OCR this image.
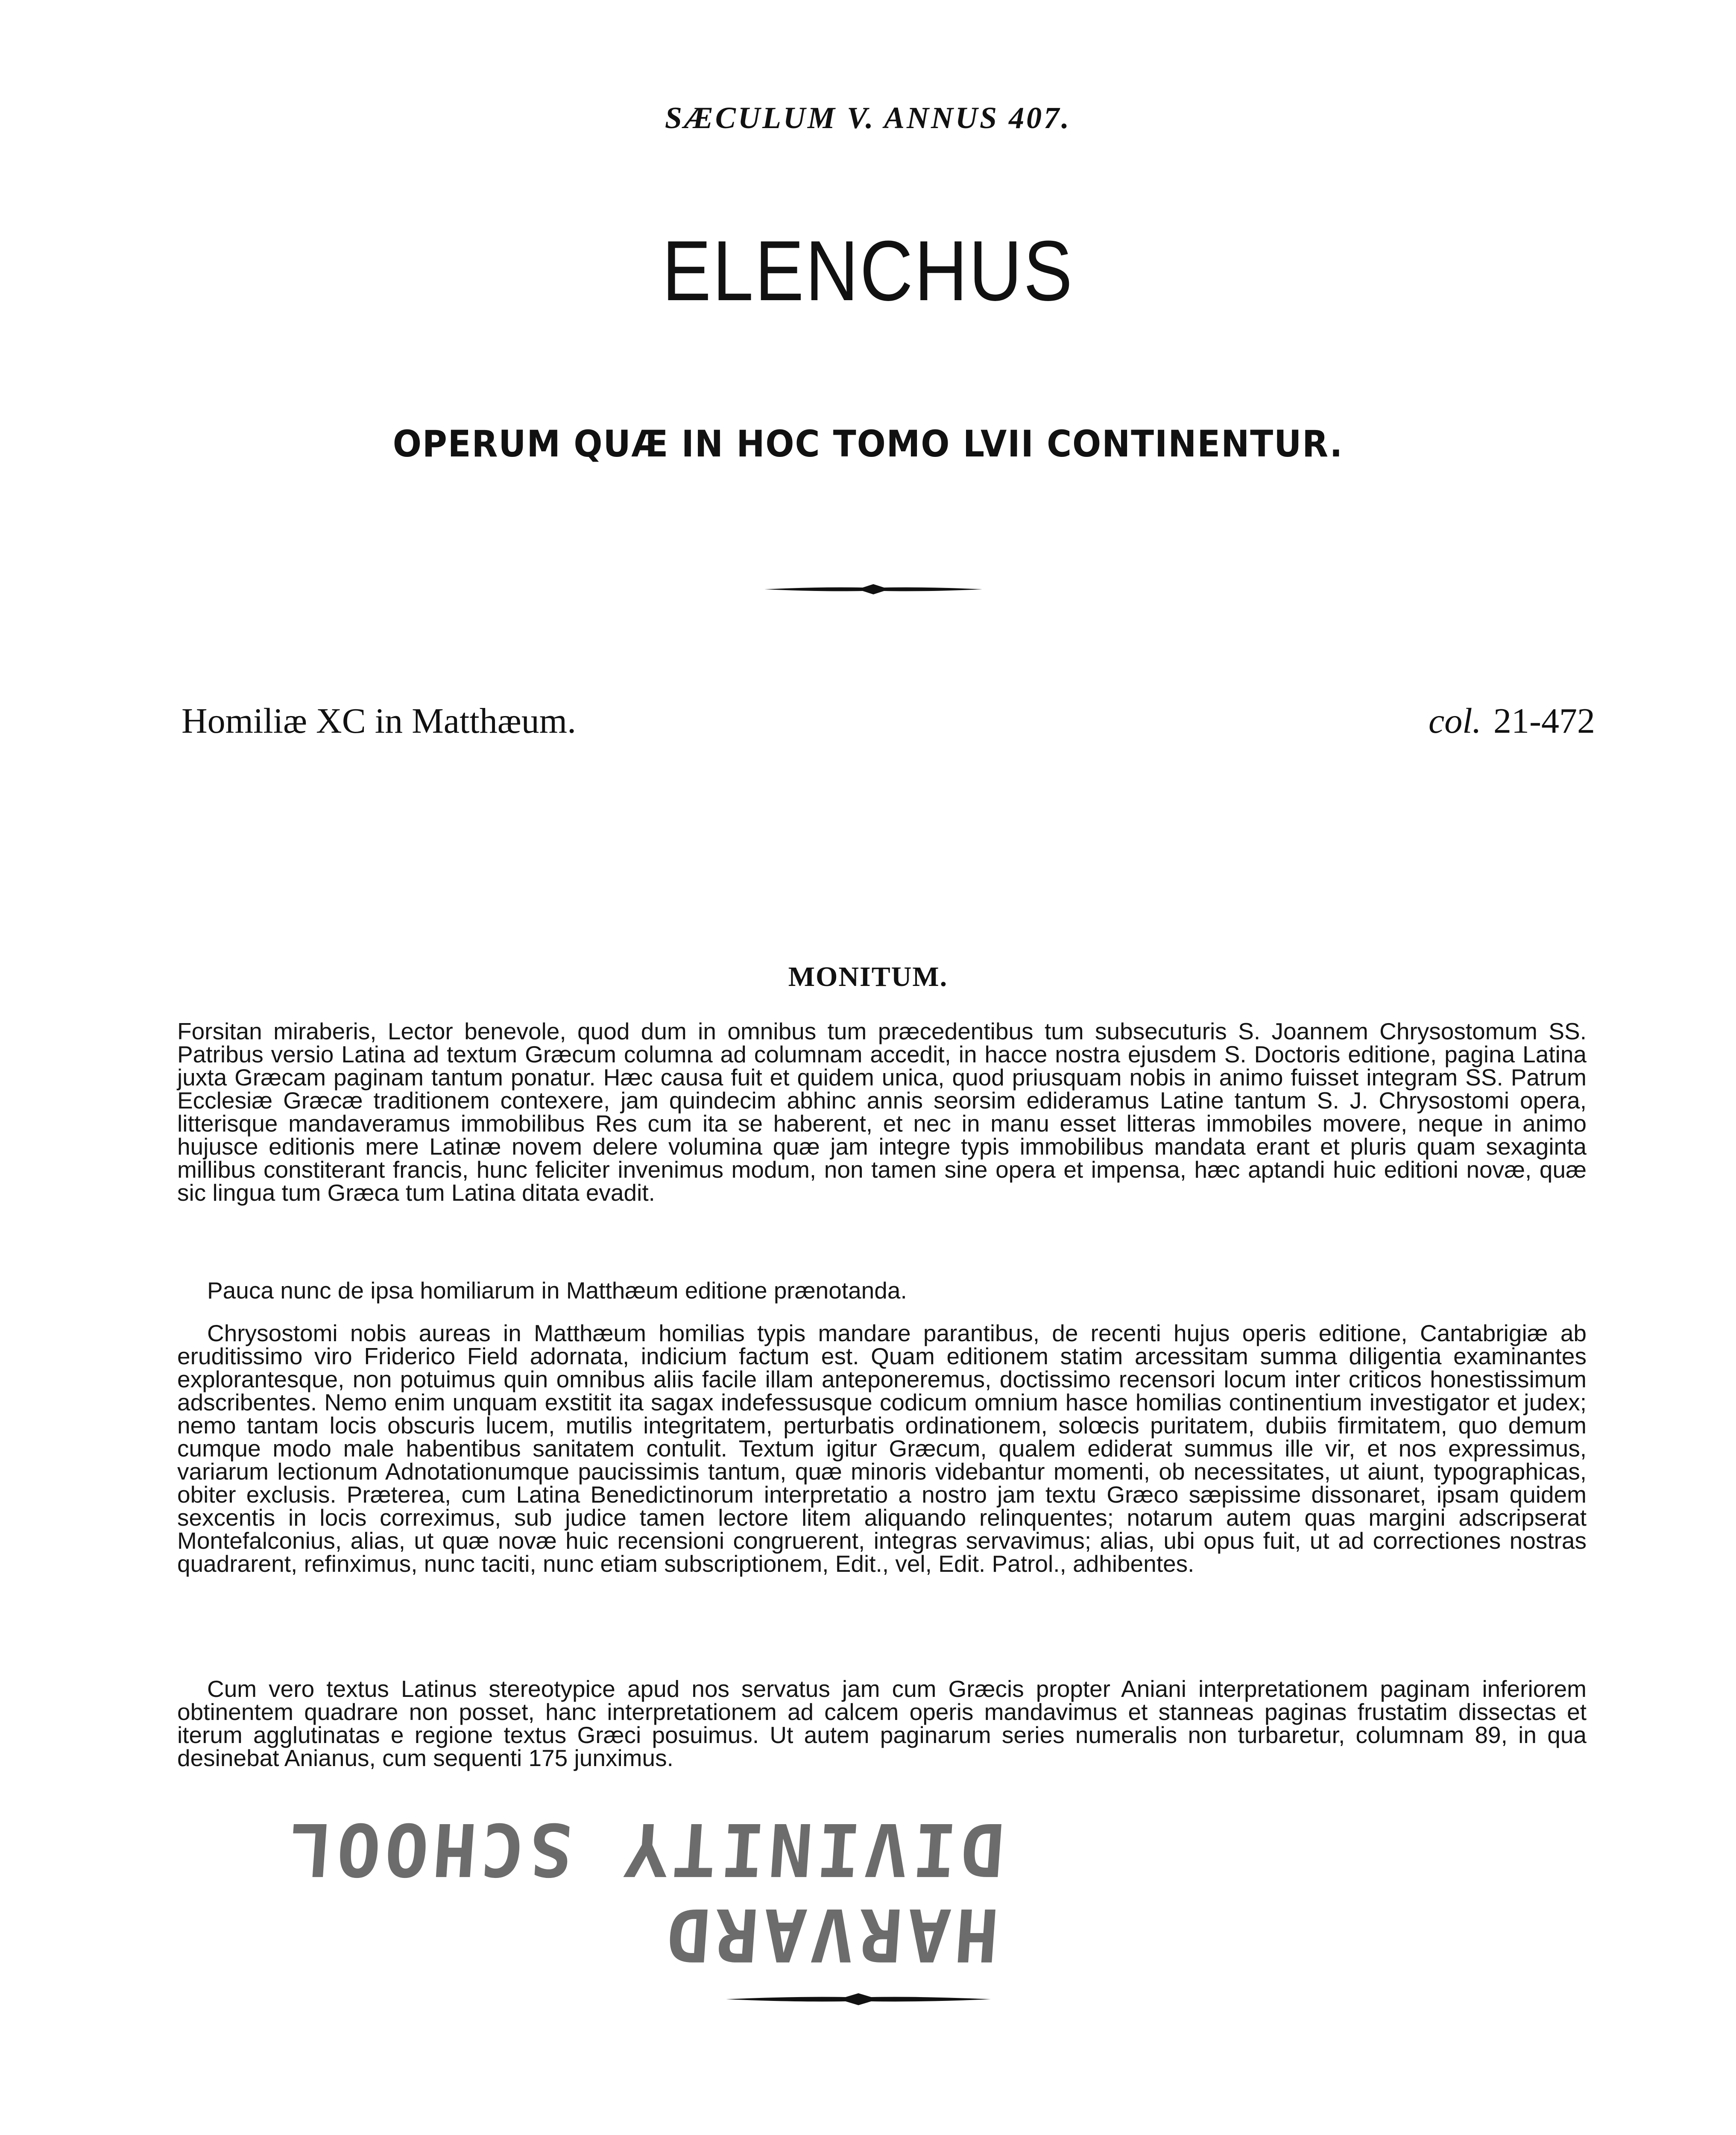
SÆCULUM V. ANNUS 407.
ELENCHUS
OPERUM QUÆ IN HOC TOMO LVII CONTINENTUR.
Homiliæ XC in Matthæum.	col. 21-472
MONITUM.
Forsitan miraberis, Lector benevole, quod dum in omnibus tum præcedentibus tum subsecuturis S. Joannem Chrysostomum SS. Patribus versio Latina ad textum Græcum columna ad columnam accedit, in hacce nostra ejusdem S. Doctoris editione, pagina Latina juxta Græcam paginam tantum ponatur. Hæc causa fuit et quidem unica, quod priusquam nobis in animo fuisset integram SS. Patrum Ecclesiæ Græcæ traditionem contexere, jam quindecim abhinc annis seorsim edideramus Latine tantum S. J. Chrysostomi opera, litterisque mandaveramus immobilibus Res cum ita se haberent, et nec in manu esset litteras immobiles movere, neque in animo hujusce editionis mere Latinæ novem delere volumina quæ jam integre typis immobilibus mandata erant et pluris quam sexaginta millibus constiterant francis, hunc feliciter invenimus modum, non tamen sine opera et impensa, hæc aptandi huic editioni novæ, quæ sic lingua tum Græca tum Latina ditata evadit.
Pauca nunc de ipsa homiliarum in Matthæum editione prænotanda.
Chrysostomi nobis aureas in Matthæum homilias typis mandare parantibus, de recenti hujus operis editione, Cantabrigiæ ab eruditissimo viro Friderico Field adornata, indicium factum est. Quam editionem statim arcessitam summa diligentia examinantes explorantesque, non potuimus quin omnibus aliis facile illam anteponeremus, doctissimo recensori locum inter criticos honestissimum adscribentes. Nemo enim unquam exstitit ita sagax indefessusque codicum omnium hasce homilias continentium investigator et judex; nemo tantam locis obscuris lucem, mutilis integritatem, perturbatis ordinationem, solœcis puritatem, dubiis firmitatem, quo demum cumque modo male habentibus sanitatem contulit. Textum igitur Græcum, qualem ediderat summus ille vir, et nos expressimus, variarum lectionum Adnotationumque paucissimis tantum, quæ minoris videbantur momenti, ob necessitates, ut aiunt, typographicas, obiter exclusis. Præterea, cum Latina Benedictinorum interpretatio a nostro jam textu Græco sæpissime dissonaret, ipsam quidem sexcentis in locis correximus, sub judice tamen lectore litem aliquando relinquentes; notarum autem quas margini adscripserat Montefalconius, alias, ut quæ novæ huic recensioni congruerent, integras servavimus; alias, ubi opus fuit, ut ad correctiones nostras quadrarent, refinximus, nunc taciti, nunc etiam subscriptionem, Edit., vel, Edit. Patrol., adhibentes.
Cum vero textus Latinus stereotypice apud nos servatus jam cum Græcis propter Aniani interpretationem paginam inferiorem obtinentem quadrare non posset, hanc interpretationem ad calcem operis mandavimus et stanneas paginas frustatim dissectas et iterum agglutinatas e regione textus Græci posuimus. Ut autem paginarum series numeralis non turbaretur, columnam 89, in qua desinebat Anianus, cum sequenti 175 junximus.
HARVARD
DIVINITY SCHOOL
